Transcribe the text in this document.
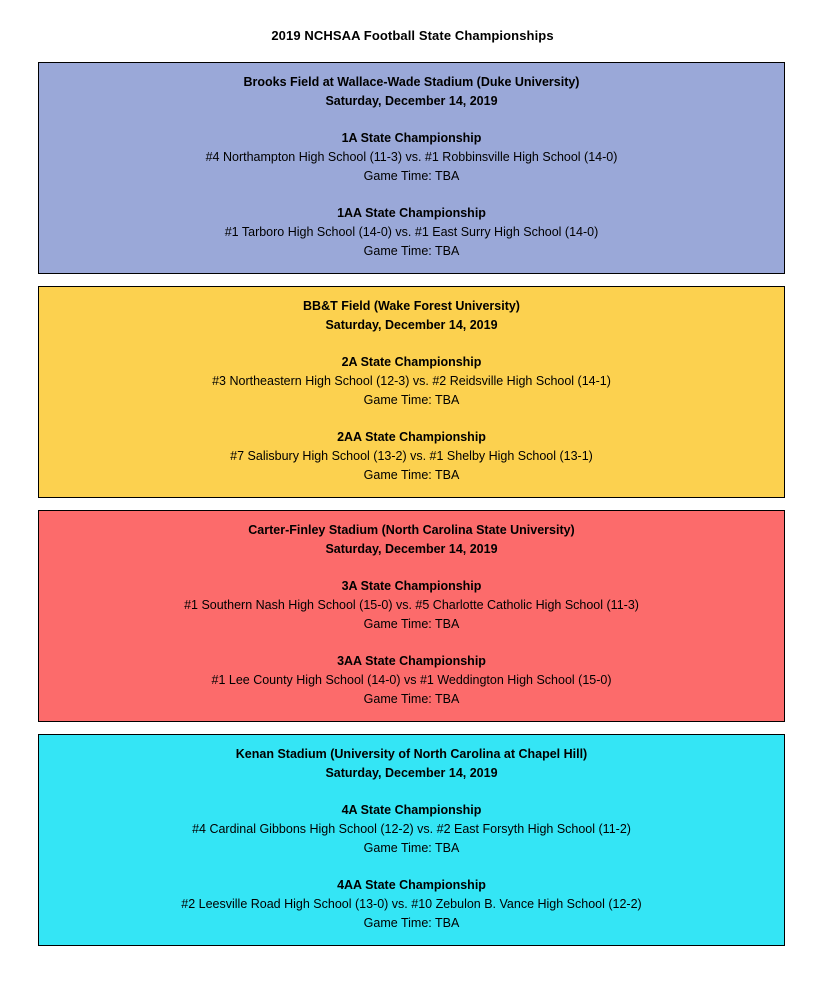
2019 NCHSAA Football State Championships
Brooks Field at Wallace-Wade Stadium (Duke University)
Saturday, December 14, 2019
1A State Championship
#4 Northampton High School (11-3) vs. #1 Robbinsville High School (14-0)
Game Time: TBA
1AA State Championship
#1 Tarboro High School (14-0) vs. #1 East Surry High School (14-0)
Game Time: TBA
BB&T Field (Wake Forest University)
Saturday, December 14, 2019
2A State Championship
#3 Northeastern High School (12-3) vs. #2 Reidsville High School (14-1)
Game Time: TBA
2AA State Championship
#7 Salisbury High School (13-2) vs. #1 Shelby High School (13-1)
Game Time: TBA
Carter-Finley Stadium (North Carolina State University)
Saturday, December 14, 2019
3A State Championship
#1 Southern Nash High School (15-0) vs. #5 Charlotte Catholic High School (11-3)
Game Time: TBA
3AA State Championship
#1 Lee County High School (14-0) vs #1 Weddington High School (15-0)
Game Time: TBA
Kenan Stadium (University of North Carolina at Chapel Hill)
Saturday, December 14, 2019
4A State Championship
#4 Cardinal Gibbons High School (12-2) vs. #2 East Forsyth High School (11-2)
Game Time: TBA
4AA State Championship
#2 Leesville Road High School (13-0) vs. #10 Zebulon B. Vance High School (12-2)
Game Time: TBA
